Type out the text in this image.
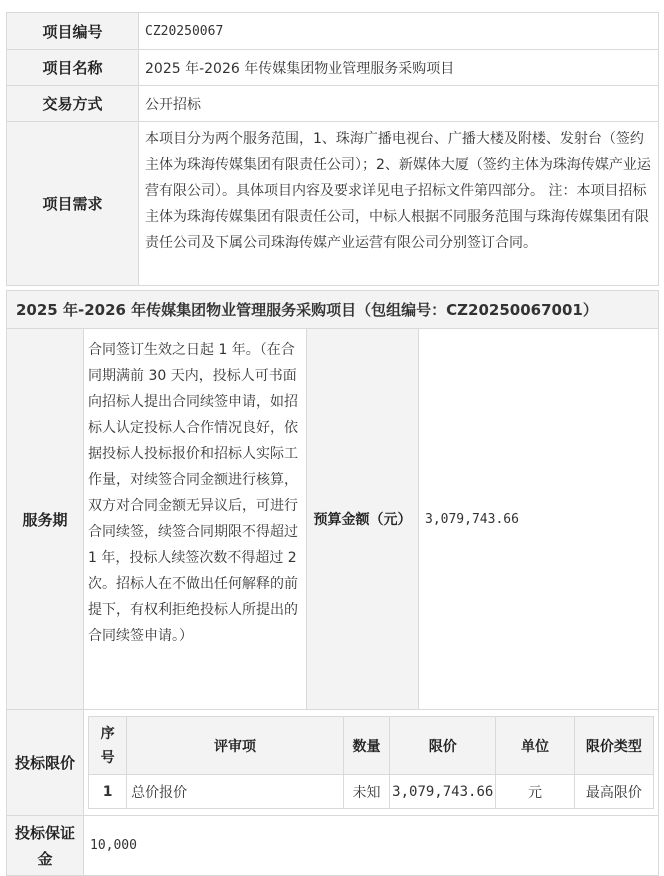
项目编号	CZ20250067
项目名称	2025 年-2026 年传媒集团物业管理服务采购项目
交易方式	公开招标
项目需求	本项目分为两个服务范围，1、珠海广播电视台、广播大楼及附楼、发射台（签约主体为珠海传媒集团有限责任公司）；2、新媒体大厦（签约主体为珠海传媒产业运营有限公司）。具体项目内容及要求详见电子招标文件第四部分。 注：本项目招标主体为珠海传媒集团有限责任公司，中标人根据不同服务范围与珠海传媒集团有限责任公司及下属公司珠海传媒产业运营有限公司分别签订合同。
2025 年-2026 年传媒集团物业管理服务采购项目（包组编号：CZ20250067001）
服务期	合同签订生效之日起 1 年。（在合同期满前 30 天内，投标人可书面向招标人提出合同续签申请，如招标人认定投标人合作情况良好，依据投标人投标报价和招标人实际工作量，对续签合同金额进行核算，双方对合同金额无异议后，可进行合同续签，续签合同期限不得超过 1 年，投标人续签次数不得超过 2 次。招标人在不做出任何解释的前提下，有权利拒绝投标人所提出的合同续签申请。）	预算金额（元）	3,079,743.66
投标限价	
序号	评审项	数量	限价	单位	限价类型
1	总价报价	未知	3,079,743.66	元	最高限价

投标保证金	10,000
